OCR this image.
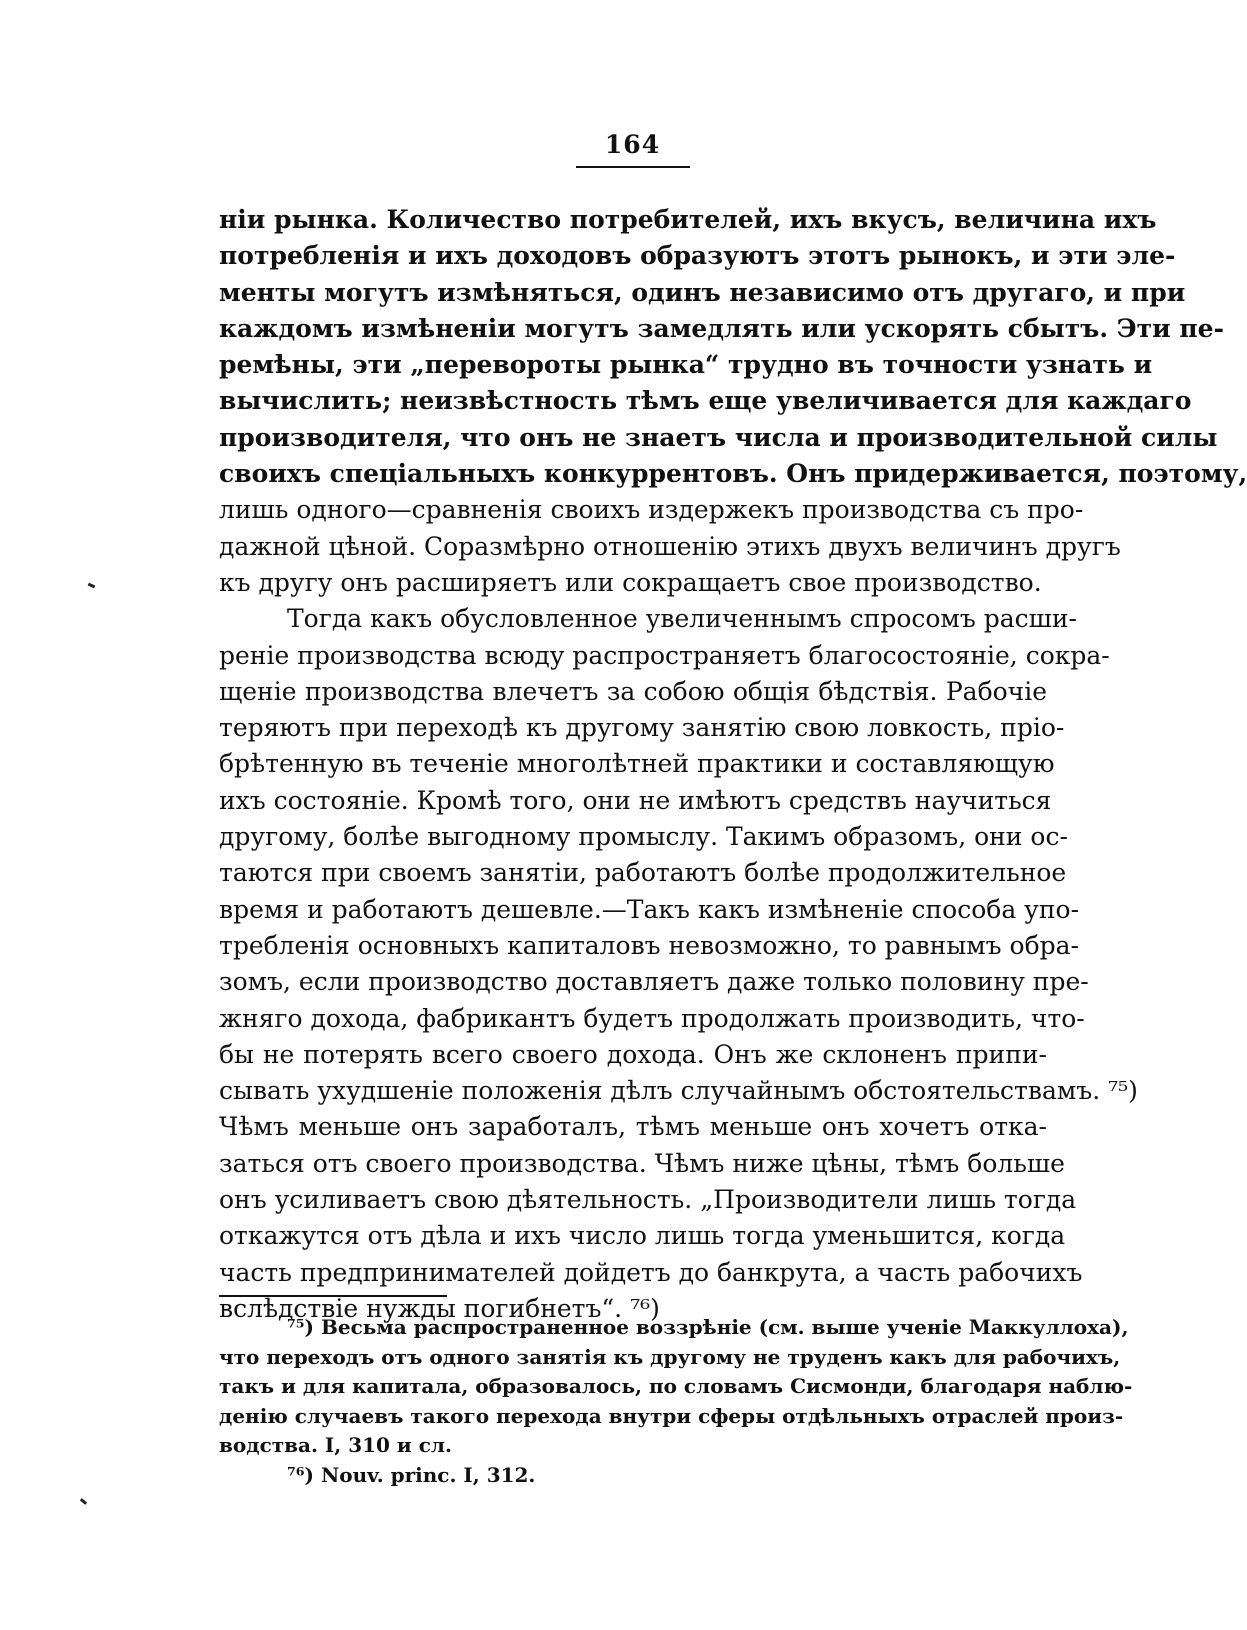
164
ніи рынка. Количество потребителей, ихъ вкусъ, величина ихъ
потребленія и ихъ доходовъ образуютъ этотъ рынокъ, и эти эле-
менты могутъ измѣняться, одинъ независимо отъ другаго, и при
каждомъ измѣненіи могутъ замедлять или ускорять сбытъ. Эти пе-
ремѣны, эти „перевороты рынка“ трудно въ точности узнать и
вычислить; неизвѣстность тѣмъ еще увеличивается для каждаго
производителя, что онъ не знаетъ числа и производительной силы
своихъ спеціальныхъ конкуррентовъ. Онъ придерживается, поэтому,
лишь одного—сравненія своихъ издержекъ производства съ про-
дажной цѣной. Соразмѣрно отношенію этихъ двухъ величинъ другъ
къ другу онъ расширяетъ или сокращаетъ свое производство.
Тогда какъ обусловленное увеличеннымъ спросомъ расши-
реніе производства всюду распространяетъ благосостояніе, сокра-
щеніе производства влечетъ за собою общія бѣдствія. Рабочіе
теряютъ при переходѣ къ другому занятію свою ловкость, пріо-
брѣтенную въ теченіе многолѣтней практики и составляющую
ихъ состояніе. Кромѣ того, они не имѣютъ средствъ научиться
другому, болѣе выгодному промыслу. Такимъ образомъ, они ос-
таются при своемъ занятіи, работаютъ болѣе продолжительное
время и работаютъ дешевле.—Такъ какъ измѣненіе способа упо-
требленія основныхъ капиталовъ невозможно, то равнымъ обра-
зомъ, если производство доставляетъ даже только половину пре-
жняго дохода, фабрикантъ будетъ продолжать производить, что-
бы не потерять всего своего дохода. Онъ же склоненъ припи-
сывать ухудшеніе положенія дѣлъ случайнымъ обстоятельствамъ. ⁷⁵)
Чѣмъ меньше онъ заработалъ, тѣмъ меньше онъ хочетъ отка-
заться отъ своего производства. Чѣмъ ниже цѣны, тѣмъ больше
онъ усиливаетъ свою дѣятельность. „Производители лишь тогда
откажутся отъ дѣла и ихъ число лишь тогда уменьшится, когда
часть предпринимателей дойдетъ до банкрута, а часть рабочихъ
вслѣдствіе нужды погибнетъ“. ⁷⁶)
⁷⁵) Весьма распространенное воззрѣніе (см. выше ученіе Маккуллоха),
что переходъ отъ одного занятія къ другому не труденъ какъ для рабочихъ,
такъ и для капитала, образовалось, по словамъ Сисмонди, благодаря наблю-
денію случаевъ такого перехода внутри сферы отдѣльныхъ отраслей произ-
водства. I, 310 и сл.
⁷⁶) Nouv. princ. I, 312.
